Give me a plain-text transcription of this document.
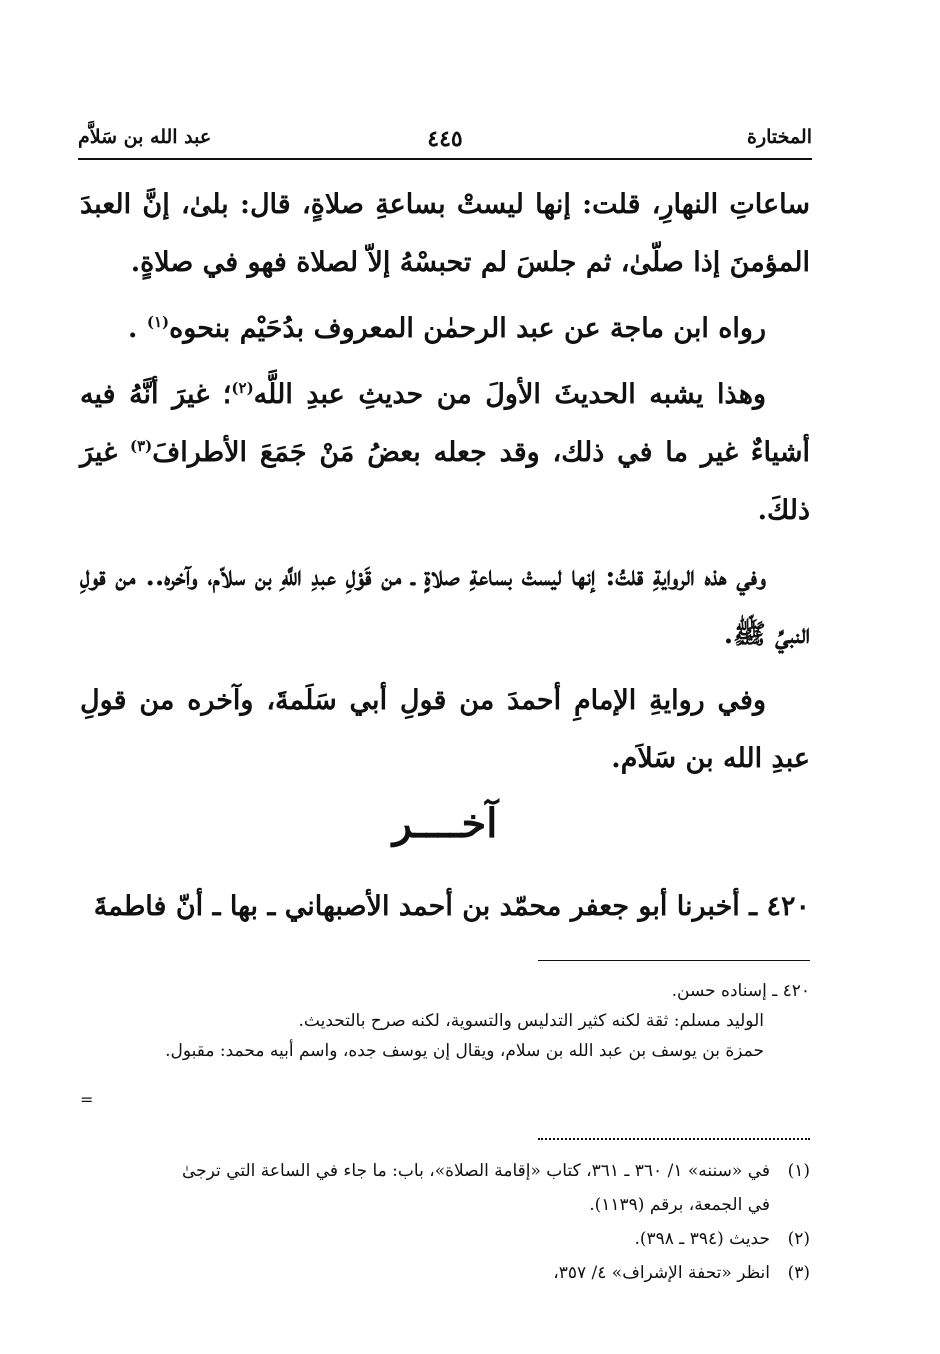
المختارة
٤٤٥
عبد الله بن سَلاَّم

ساعاتِ النهارِ، قلت: إنها ليستْ بساعةِ صلاةٍ، قال: بلىٰ، إنَّ العبدَ المؤمنَ إذا صلّىٰ، ثم جلسَ لم تحبسْهُ إلاّ لصلاة فهو في صلاةٍ.

رواه ابن ماجة عن عبد الرحمٰن المعروف بدُحَيْم بنحوه$^{(١)}$ .

وهذا يشبه الحديثَ الأولَ من حديثِ عبدِ اللَّه$^{(٢)}$؛ غيرَ أنَّهُ فيه أشياءٌ غير ما في ذلك، وقد جعله بعضُ مَنْ جَمَعَ الأطرافَ$^{(٣)}$ غيرَ ذلكَ.

وفي هذه الروايةِ قلتُ: إنها ليستْ بساعةِ صلاةٍ ـ من قَوْلِ عبدِ اللَّهِ بن سلاّم، وآخره.. من قولِ النبيِّ ﷺ.

وفي روايةِ الإمامِ أحمدَ من قولِ أبي سَلَمةَ، وآخره من قولِ عبدِ الله بن سَلاَم.

آخــــر
٤٢٠ ـ أخبرنا أبو جعفر محمّد بن أحمد الأصبهاني ـ بها ـ أنّ فاطمةَ

٤٢٠ ـ إسناده حسن.

الوليد مسلم: ثقة لكنه كثير التدليس والتسوية، لكنه صرح بالتحديث.

حمزة بن يوسف بن عبد الله بن سلام، ويقال إن يوسف جده، واسم أبيه محمد: مقبول.

=

(١)في «سننه» ١/ ٣٦٠ ـ ٣٦١، كتاب «إقامة الصلاة»، باب: ما جاء في الساعة التي ترجىٰ

في الجمعة، برقم (١١٣٩).

(٢)حديث (٣٩٤ ـ ٣٩٨).

(٣)انظر «تحفة الإشراف» ٤/ ٣٥٧،
